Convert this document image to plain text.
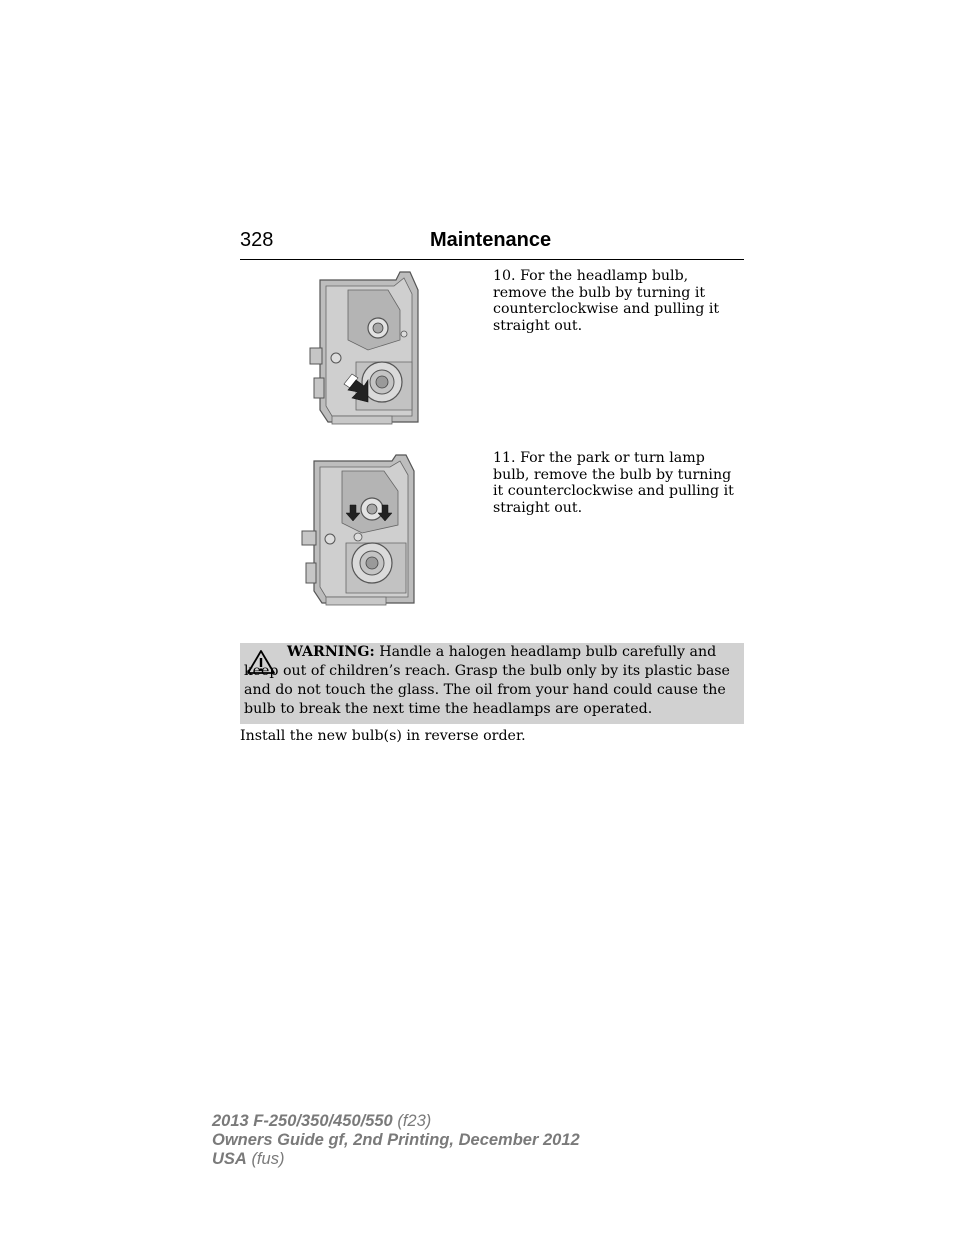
328	Maintenance
10. For the headlamp bulb, remove the bulb by turning it counterclockwise and pulling it straight out.
11. For the park or turn lamp bulb, remove the bulb by turning it counterclockwise and pulling it straight out.
WARNING: Handle a halogen headlamp bulb carefully and keep out of children’s reach. Grasp the bulb only by its plastic base and do not touch the glass. The oil from your hand could cause the bulb to break the next time the headlamps are operated.
Install the new bulb(s) in reverse order.
2013 F-250/350/450/550 (f23)
Owners Guide gf, 2nd Printing, December 2012
USA (fus)
